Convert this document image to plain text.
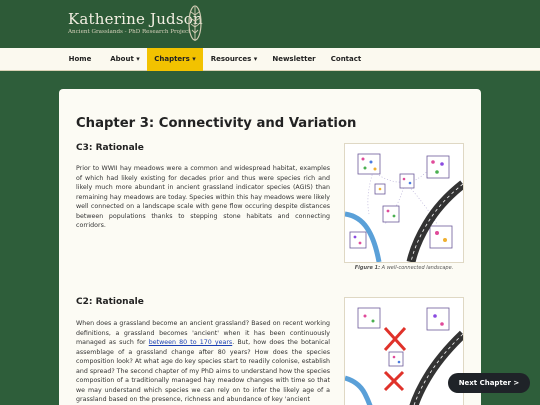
Katherine Judson
Ancient Grasslands - PhD Research Project
Home	About ▾	Chapters ▾	Resources ▾	Newsletter	Contact
Chapter 3: Connectivity and Variation
C3: Rationale
Prior to WWII hay meadows were a common and widespread habitat, examples of which had likely existing for decades prior and thus were species rich and likely much more abundant in ancient grassland indicator species (AGIS) than remaining hay meadows are today. Species within this hay meadows were likely well connected on a landscape scale with gene flow occuring despite distances between populations thanks to stepping stone habitats and connecting corridors.
Figure 1: A well-connected landscape.
C2: Rationale
When does a grassland become an ancient grassland? Based on recent working definitions, a grassland becomes 'ancient' when it has been continuously managed as such for between 80 to 170 years. But, how does the botanical assemblage of a grassland change after 80 years? How does the species composition look? At what age do key species start to readily colonise, establish and spread? The second chapter of my PhD aims to understand how the species composition of a traditionally managed hay meadow changes with time so that we may understand which species we can rely on to infer the likely age of a grassland based on the presence, richness and abundance of key 'ancient
Next Chapter >
